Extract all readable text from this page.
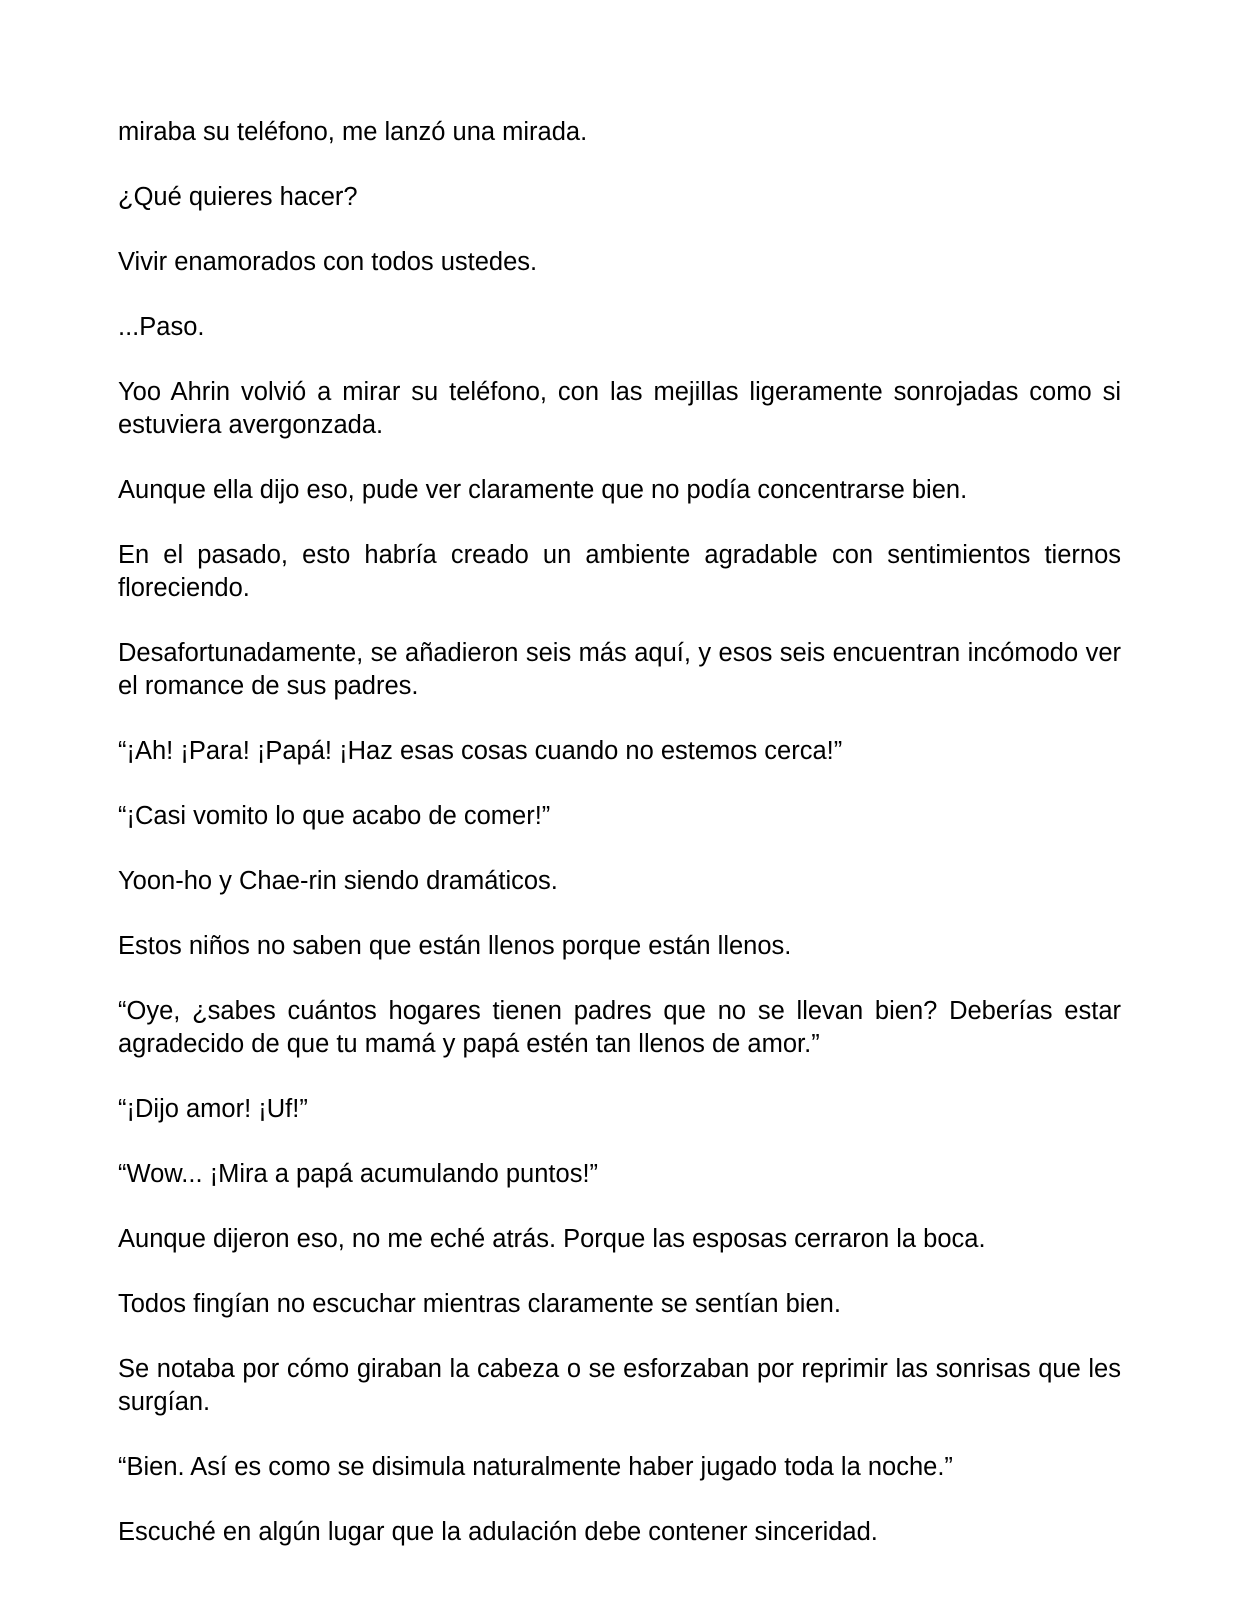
miraba su teléfono, me lanzó una mirada.

¿Qué quieres hacer?

Vivir enamorados con todos ustedes.

...Paso.

Yoo Ahrin volvió a mirar su teléfono, con las mejillas ligeramente sonrojadas como si estuviera avergonzada.

Aunque ella dijo eso, pude ver claramente que no podía concentrarse bien.

En el pasado, esto habría creado un ambiente agradable con sentimientos tiernos floreciendo.

Desafortunadamente, se añadieron seis más aquí, y esos seis encuentran incómodo ver el romance de sus padres.

“¡Ah! ¡Para! ¡Papá! ¡Haz esas cosas cuando no estemos cerca!”

“¡Casi vomito lo que acabo de comer!”

Yoon-ho y Chae-rin siendo dramáticos.

Estos niños no saben que están llenos porque están llenos.

“Oye, ¿sabes cuántos hogares tienen padres que no se llevan bien? Deberías estar agradecido de que tu mamá y papá estén tan llenos de amor.”

“¡Dijo amor! ¡Uf!”

“Wow... ¡Mira a papá acumulando puntos!”

Aunque dijeron eso, no me eché atrás. Porque las esposas cerraron la boca.

Todos fingían no escuchar mientras claramente se sentían bien.

Se notaba por cómo giraban la cabeza o se esforzaban por reprimir las sonrisas que les surgían.

“Bien. Así es como se disimula naturalmente haber jugado toda la noche.”

Escuché en algún lugar que la adulación debe contener sinceridad.
